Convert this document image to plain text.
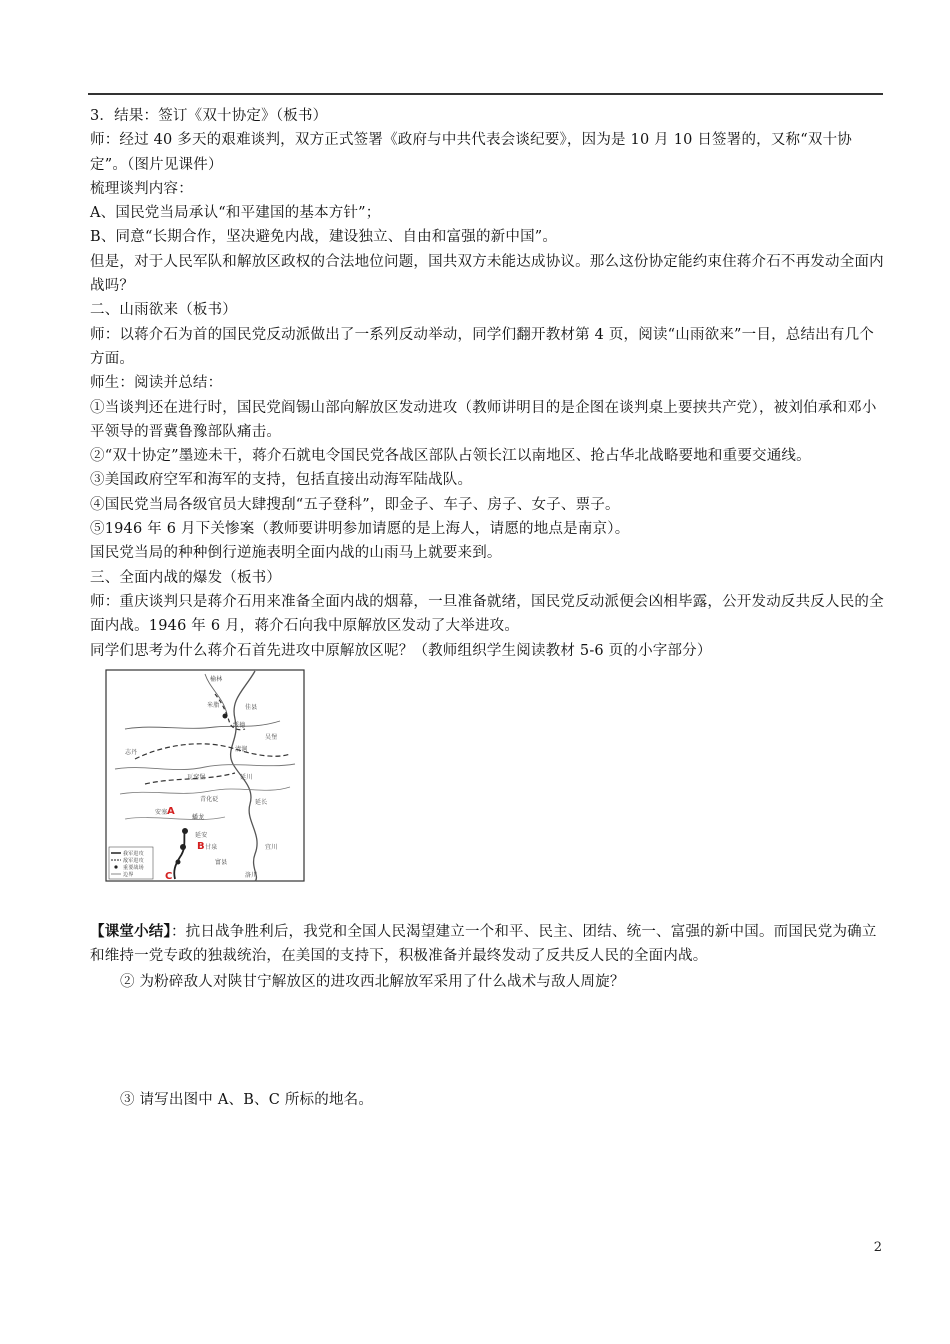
3．结果：签订《双十协定》（板书）

师：经过 40 多天的艰难谈判，双方正式签署《政府与中共代表会谈纪要》，因为是 10 月 10 日签署的，又称“双十协定”。（图片见课件）

梳理谈判内容：

A、国民党当局承认“和平建国的基本方针”；

B、同意“长期合作，坚决避免内战，建设独立、自由和富强的新中国”。

但是，对于人民军队和解放区政权的合法地位问题，国共双方未能达成协议。那么这份协定能约束住蒋介石不再发动全面内战吗？

二、山雨欲来（板书）

师：以蒋介石为首的国民党反动派做出了一系列反动举动，同学们翻开教材第 4 页，阅读“山雨欲来”一目，总结出有几个方面。

师生：阅读并总结：

①当谈判还在进行时，国民党阎锡山部向解放区发动进攻（教师讲明目的是企图在谈判桌上要挟共产党），被刘伯承和邓小平领导的晋冀鲁豫部队痛击。

②“双十协定”墨迹未干，蒋介石就电令国民党各战区部队占领长江以南地区、抢占华北战略要地和重要交通线。

③美国政府空军和海军的支持，包括直接出动海军陆战队。

④国民党当局各级官员大肆搜刮“五子登科”，即金子、车子、房子、女子、票子。

⑤1946 年 6 月下关惨案（教师要讲明参加请愿的是上海人，请愿的地点是南京）。

国民党当局的种种倒行逆施表明全面内战的山雨马上就要来到。

三、全面内战的爆发（板书）

师：重庆谈判只是蒋介石用来准备全面内战的烟幕，一旦准备就绪，国民党反动派便会凶相毕露，公开发动反共反人民的全面内战。1946 年 6 月，蒋介石向我中原解放区发动了大举进攻。

同学们思考为什么蒋介石首先进攻中原解放区呢？（教师组织学生阅读教材 5-6 页的小字部分）

榆林
米脂	佳县
绥德
清涧
延川
吴堡
瓦窑堡
延长
安塞
蟠龙
青化砭
志丹
延安
甘泉
富县
宜川
洛川
我军进攻
敌军进攻
重要战场
边界
A
B
C

【课堂小结】：抗日战争胜利后，我党和全国人民渴望建立一个和平、民主、团结、统一、富强的新中国。而国民党为确立和维持一党专政的独裁统治，在美国的支持下，积极准备并最终发动了反共反人民的全面内战。

② 为粉碎敌人对陕甘宁解放区的进攻西北解放军采用了什么战术与敌人周旋？

③ 请写出图中 A、B、C 所标的地名。

2
